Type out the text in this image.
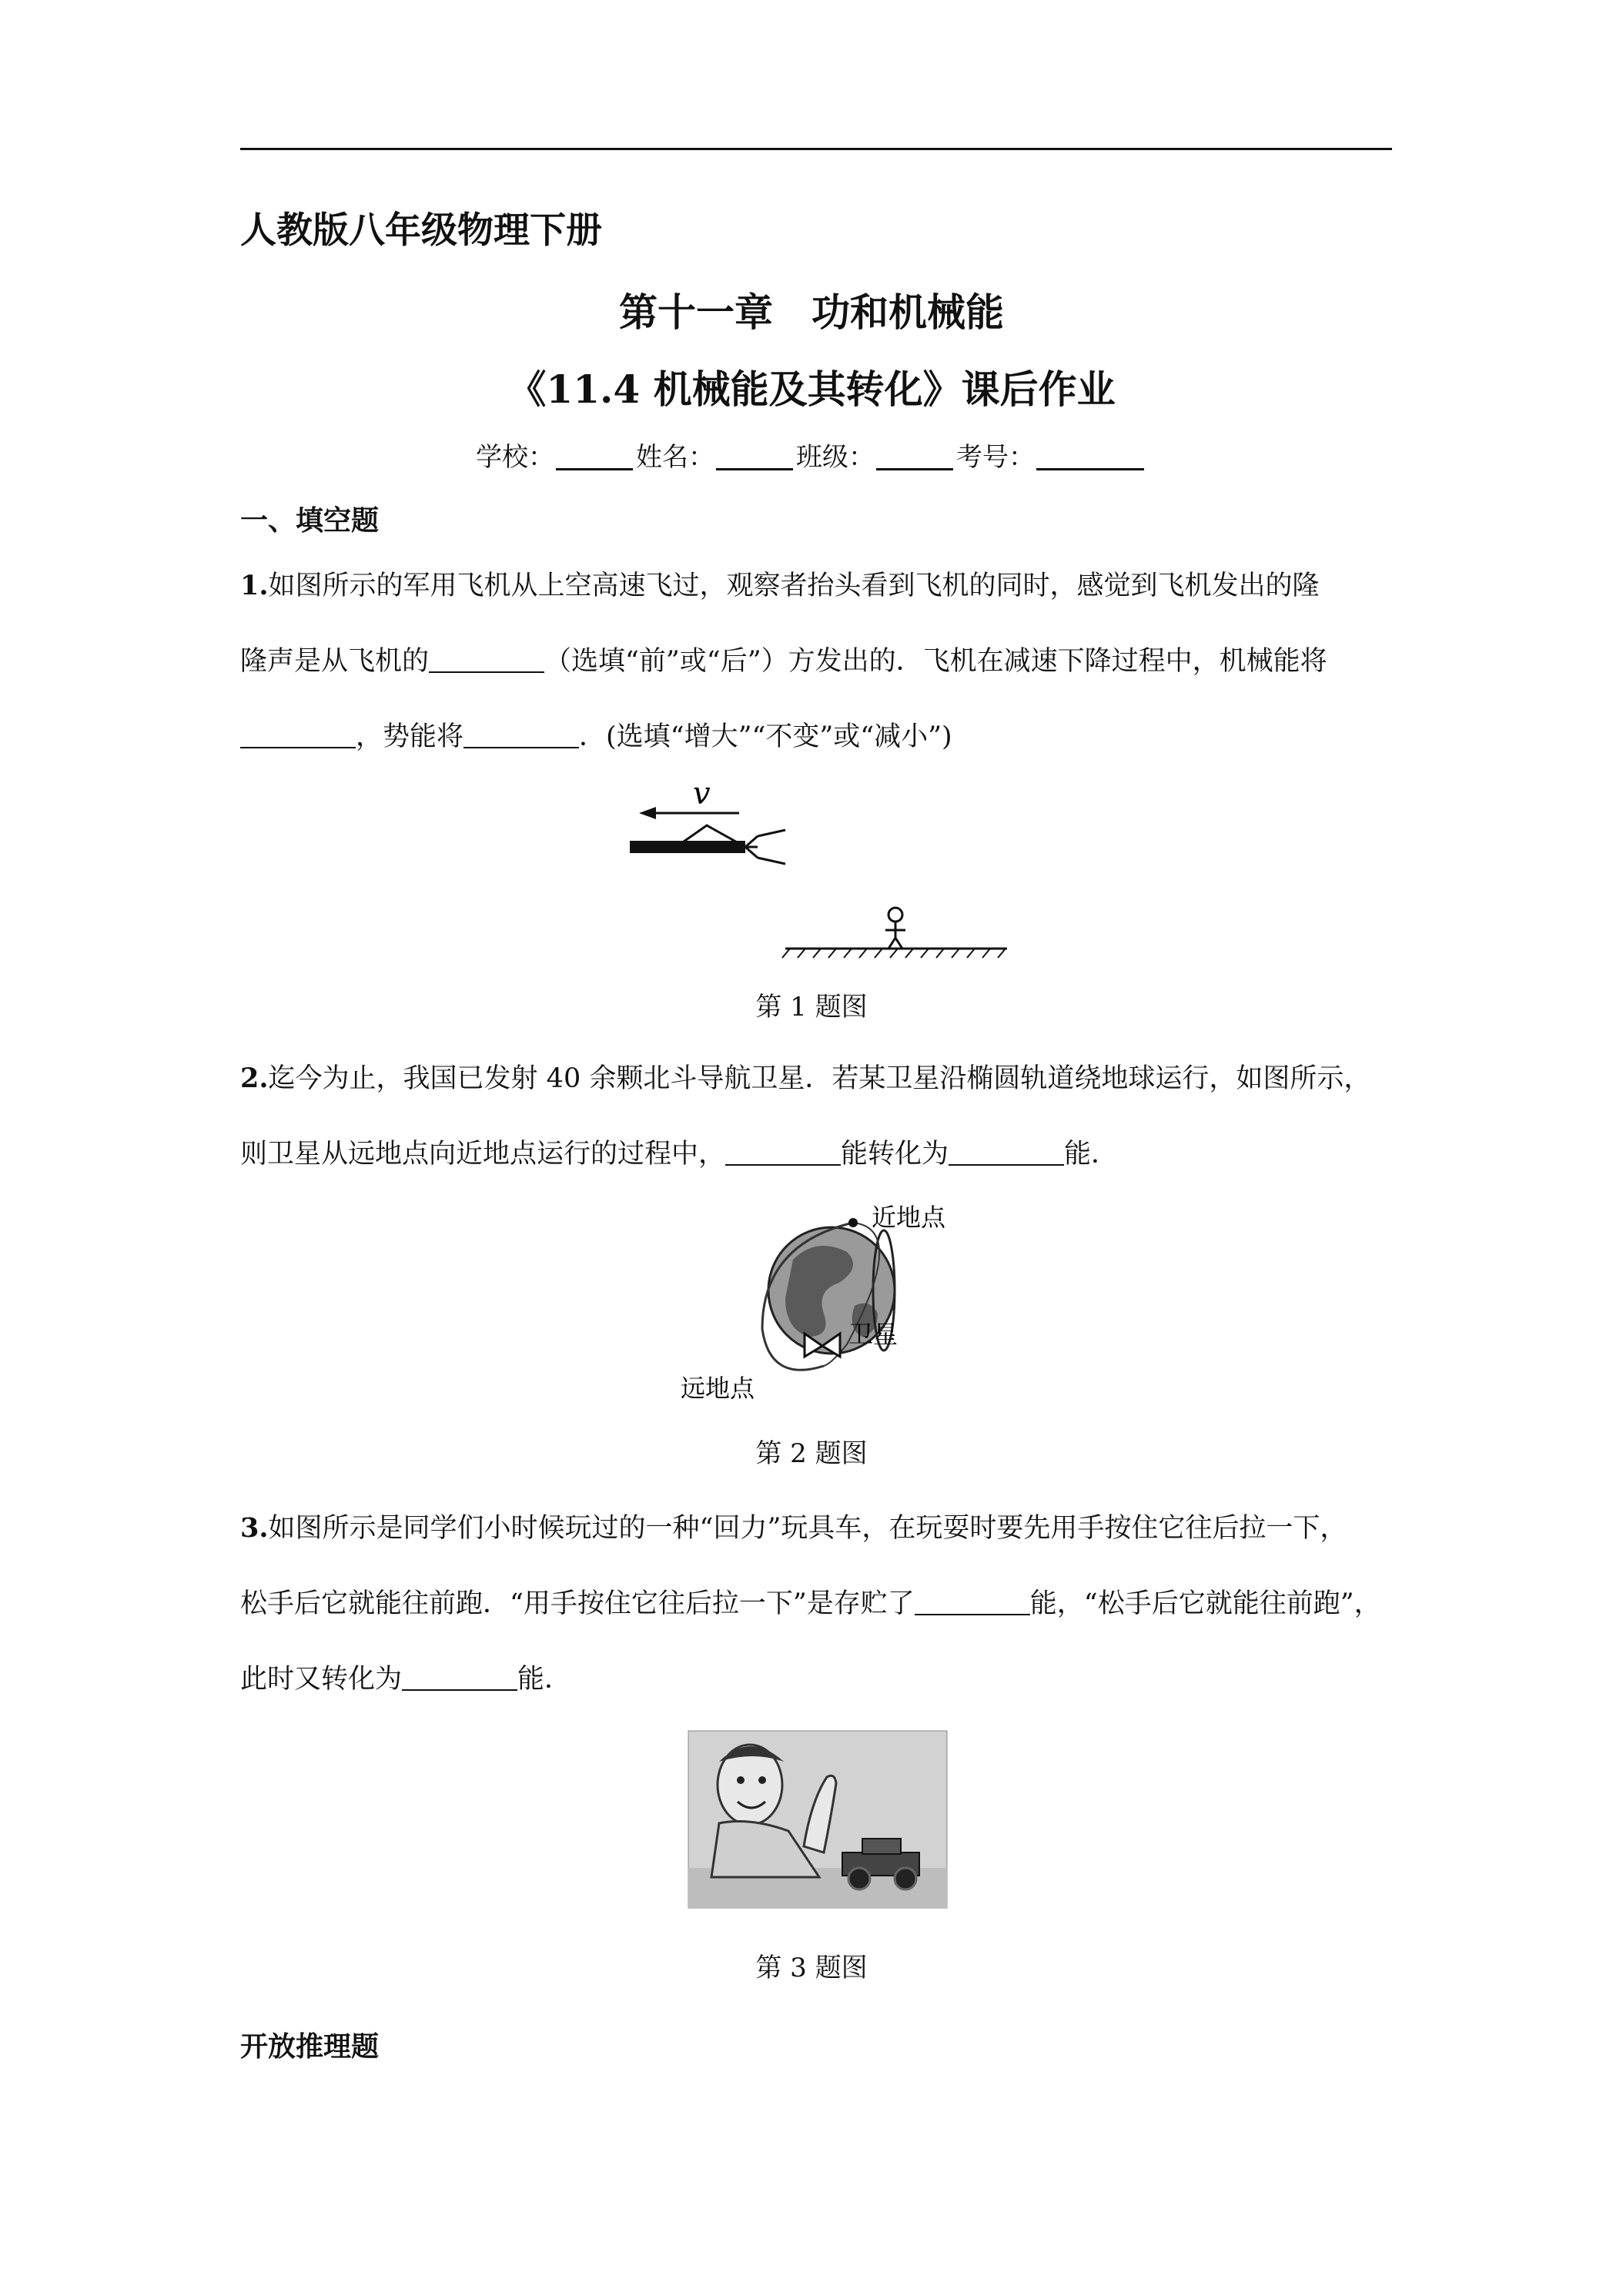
人教版八年级物理下册
第十一章　功和机械能
《11.4 机械能及其转化》课后作业
学校：	姓名：	班级：	考号：
一、填空题
1.如图所示的军用飞机从上空高速飞过，观察者抬头看到飞机的同时，感觉到飞机发出的隆
隆声是从飞机的	（选填“前”或“后”）方发出的．飞机在减速下降过程中，机械能将
，势能将	．(选填“增大”“不变”或“减小”)
v
第 1 题图
2.迄今为止，我国已发射 40 余颗北斗导航卫星．若某卫星沿椭圆轨道绕地球运行，如图所示，
则卫星从远地点向近地点运行的过程中，	能转化为	能．
近地点
卫星
远地点
第 2 题图
3.如图所示是同学们小时候玩过的一种“回力”玩具车，在玩耍时要先用手按住它往后拉一下，
松手后它就能往前跑．“用手按住它往后拉一下”是存贮了	能，“松手后它就能往前跑”，
此时又转化为	能．
第 3 题图
开放推理题
